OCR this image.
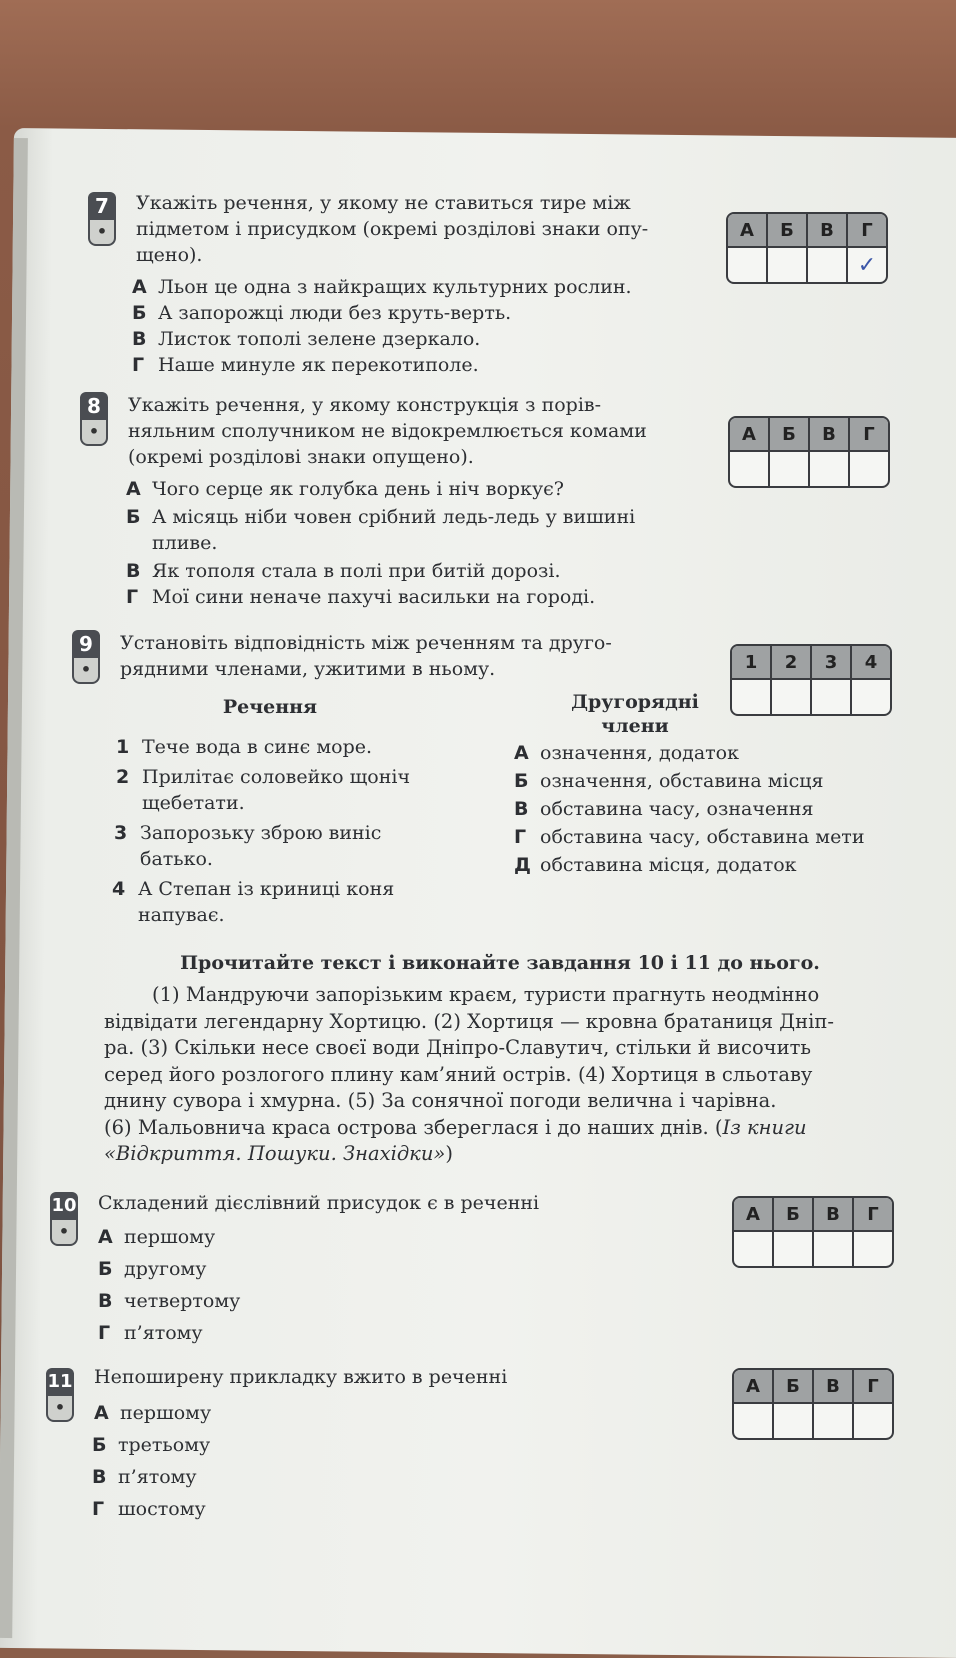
7
•
Укажіть речення, у якому не ставиться тире між
підметом і присудком (окремі розділові знаки опу-
щено).
А Льон це одна з найкращих культурних рослин.
Б А запорожці люди без круть-верть.
В Листок тополі зелене дзеркало.
Г Наше минуле як перекотиполе.
А	Б	В	Г
			✓
8
•
Укажіть речення, у якому конструкція з порів-
няльним сполучником не відокремлюється комами
(окремі розділові знаки опущено).
А Чого серце як голубка день і ніч воркує?
Б А місяць ніби човен срібний ледь-ледь у вишині
пливе.
В Як тополя стала в полі при битій дорозі.
Г Мої сини неначе пахучі васильки на городі.
А	Б	В	Г

9
•
Установіть відповідність між реченням та друго-
рядними членами, ужитими в ньому.	1	2	3	4

Речення	Другорядні
члени
1 Тече вода в синє море.
2 Прилітає соловейко щоніч
щебетати.
3 Запорозьку зброю виніс
батько.
4 А Степан із криниці коня
напуває.
А означення, додаток
Б означення, обставина місця
В обставина часу, означення
Г обставина часу, обставина мети
Д обставина місця, додаток
Прочитайте текст і виконайте завдання 10 і 11 до нього.
(1) Мандруючи запорізьким краєм, туристи прагнуть неодмінно
відвідати легендарну Хортицю. (2) Хортиця — кровна братаниця Дніп-
ра. (3) Скільки несе своєї води Дніпро-Славутич, стільки й височить
серед його розлогого плину кам’яний острів. (4) Хортиця в сльотаву
днину сувора і хмурна. (5) За сонячної погоди велична і чарівна.
(6) Мальовнича краса острова збереглася і до наших днів. (Із книги
«Відкриття. Пошуки. Знахідки»)
10
•
Складений дієслівний присудок є в реченні
А першому
Б другому
В четвертому
Г п’ятому
А	Б	В	Г

11
•
Непоширену прикладку вжито в реченні
А першому
Б третьому
В п’ятому
Г шостому
А	Б	В	Г
